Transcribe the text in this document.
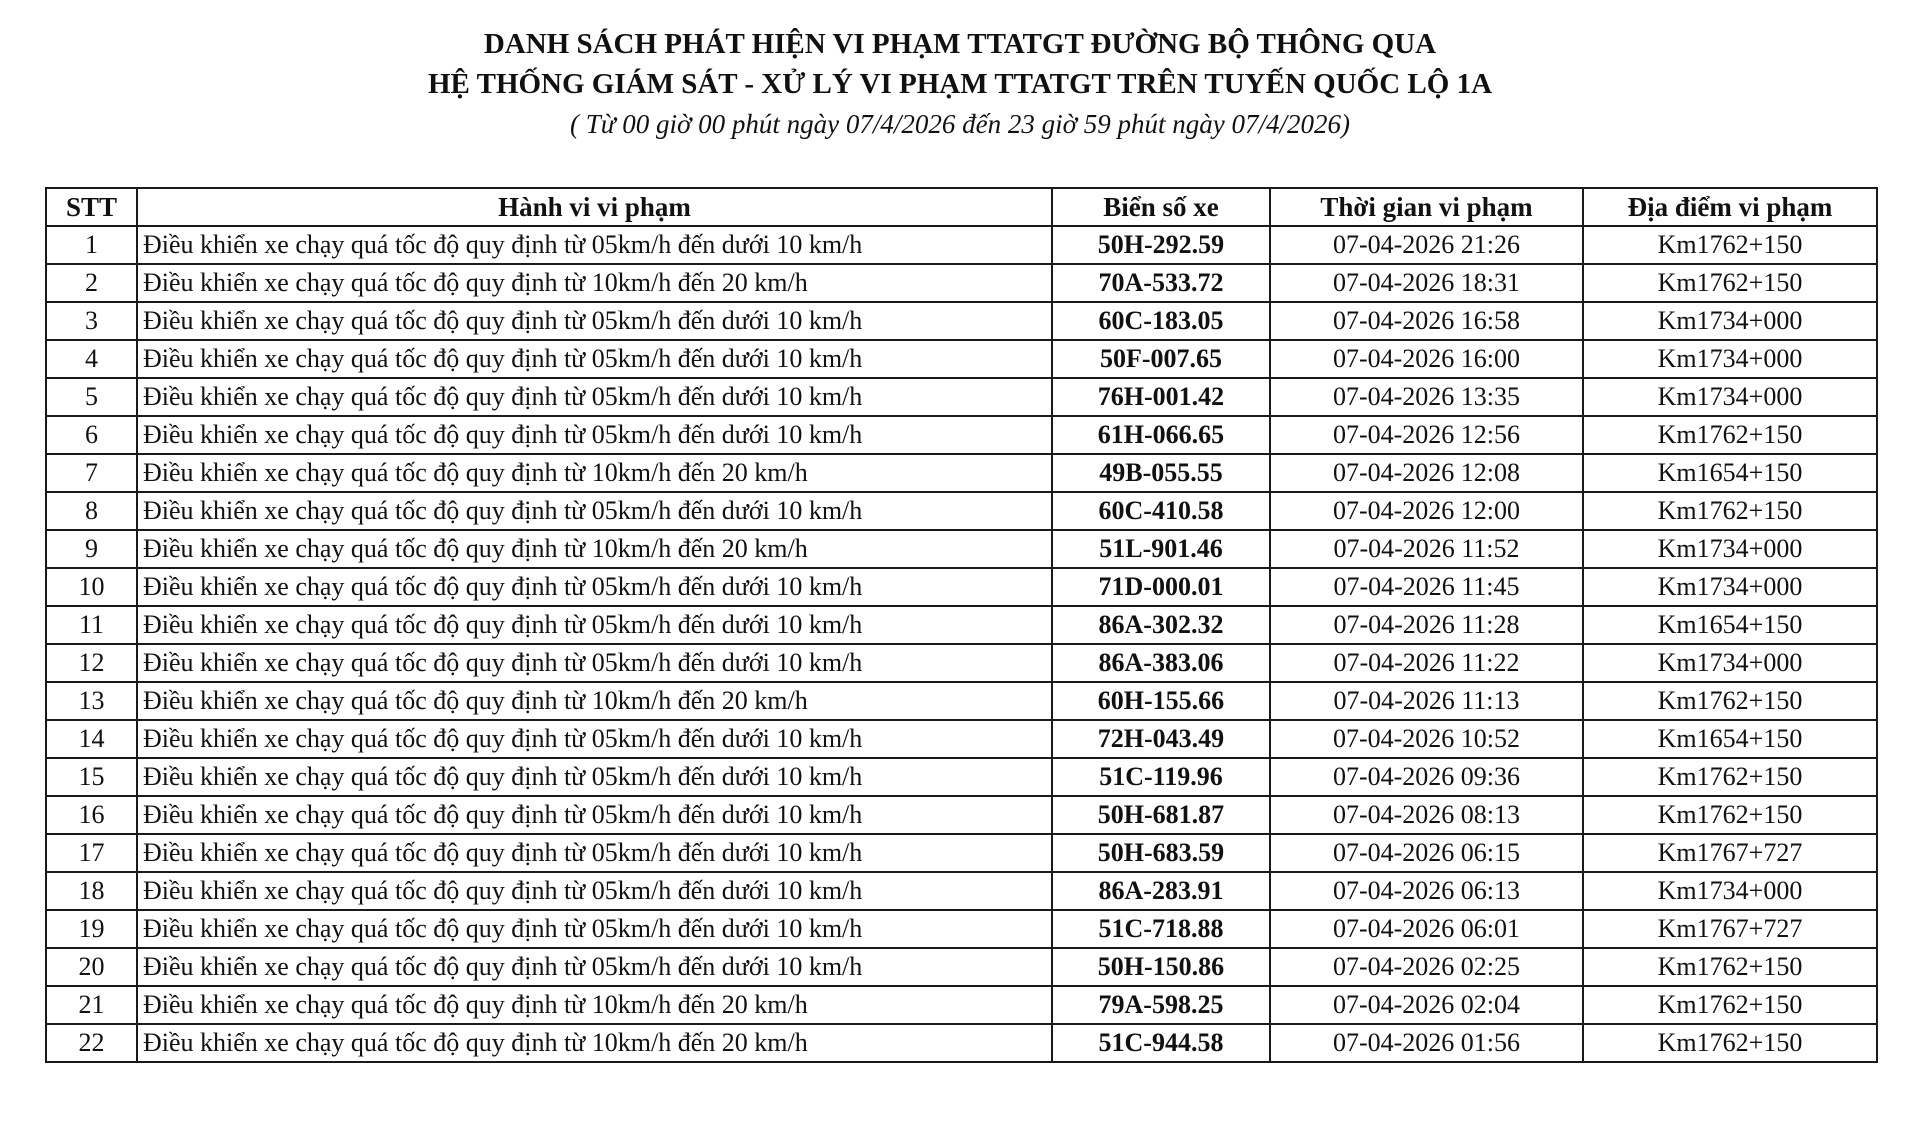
DANH SÁCH PHÁT HIỆN VI PHẠM TTATGT ĐƯỜNG BỘ THÔNG QUA
HỆ THỐNG GIÁM SÁT - XỬ LÝ VI PHẠM TTATGT TRÊN TUYẾN QUỐC LỘ 1A
( Từ 00 giờ 00 phút ngày 07/4/2026 đến 23 giờ 59 phút ngày 07/4/2026)
STT	Hành vi vi phạm	Biển số xe	Thời gian vi phạm	Địa điểm vi phạm
1	Điều khiển xe chạy quá tốc độ quy định từ 05km/h đến dưới 10 km/h	50H-292.59	07-04-2026 21:26	Km1762+150
2	Điều khiển xe chạy quá tốc độ quy định từ 10km/h đến 20 km/h	70A-533.72	07-04-2026 18:31	Km1762+150
3	Điều khiển xe chạy quá tốc độ quy định từ 05km/h đến dưới 10 km/h	60C-183.05	07-04-2026 16:58	Km1734+000
4	Điều khiển xe chạy quá tốc độ quy định từ 05km/h đến dưới 10 km/h	50F-007.65	07-04-2026 16:00	Km1734+000
5	Điều khiển xe chạy quá tốc độ quy định từ 05km/h đến dưới 10 km/h	76H-001.42	07-04-2026 13:35	Km1734+000
6	Điều khiển xe chạy quá tốc độ quy định từ 05km/h đến dưới 10 km/h	61H-066.65	07-04-2026 12:56	Km1762+150
7	Điều khiển xe chạy quá tốc độ quy định từ 10km/h đến 20 km/h	49B-055.55	07-04-2026 12:08	Km1654+150
8	Điều khiển xe chạy quá tốc độ quy định từ 05km/h đến dưới 10 km/h	60C-410.58	07-04-2026 12:00	Km1762+150
9	Điều khiển xe chạy quá tốc độ quy định từ 10km/h đến 20 km/h	51L-901.46	07-04-2026 11:52	Km1734+000
10	Điều khiển xe chạy quá tốc độ quy định từ 05km/h đến dưới 10 km/h	71D-000.01	07-04-2026 11:45	Km1734+000
11	Điều khiển xe chạy quá tốc độ quy định từ 05km/h đến dưới 10 km/h	86A-302.32	07-04-2026 11:28	Km1654+150
12	Điều khiển xe chạy quá tốc độ quy định từ 05km/h đến dưới 10 km/h	86A-383.06	07-04-2026 11:22	Km1734+000
13	Điều khiển xe chạy quá tốc độ quy định từ 10km/h đến 20 km/h	60H-155.66	07-04-2026 11:13	Km1762+150
14	Điều khiển xe chạy quá tốc độ quy định từ 05km/h đến dưới 10 km/h	72H-043.49	07-04-2026 10:52	Km1654+150
15	Điều khiển xe chạy quá tốc độ quy định từ 05km/h đến dưới 10 km/h	51C-119.96	07-04-2026 09:36	Km1762+150
16	Điều khiển xe chạy quá tốc độ quy định từ 05km/h đến dưới 10 km/h	50H-681.87	07-04-2026 08:13	Km1762+150
17	Điều khiển xe chạy quá tốc độ quy định từ 05km/h đến dưới 10 km/h	50H-683.59	07-04-2026 06:15	Km1767+727
18	Điều khiển xe chạy quá tốc độ quy định từ 05km/h đến dưới 10 km/h	86A-283.91	07-04-2026 06:13	Km1734+000
19	Điều khiển xe chạy quá tốc độ quy định từ 05km/h đến dưới 10 km/h	51C-718.88	07-04-2026 06:01	Km1767+727
20	Điều khiển xe chạy quá tốc độ quy định từ 05km/h đến dưới 10 km/h	50H-150.86	07-04-2026 02:25	Km1762+150
21	Điều khiển xe chạy quá tốc độ quy định từ 10km/h đến 20 km/h	79A-598.25	07-04-2026 02:04	Km1762+150
22	Điều khiển xe chạy quá tốc độ quy định từ 10km/h đến 20 km/h	51C-944.58	07-04-2026 01:56	Km1762+150
